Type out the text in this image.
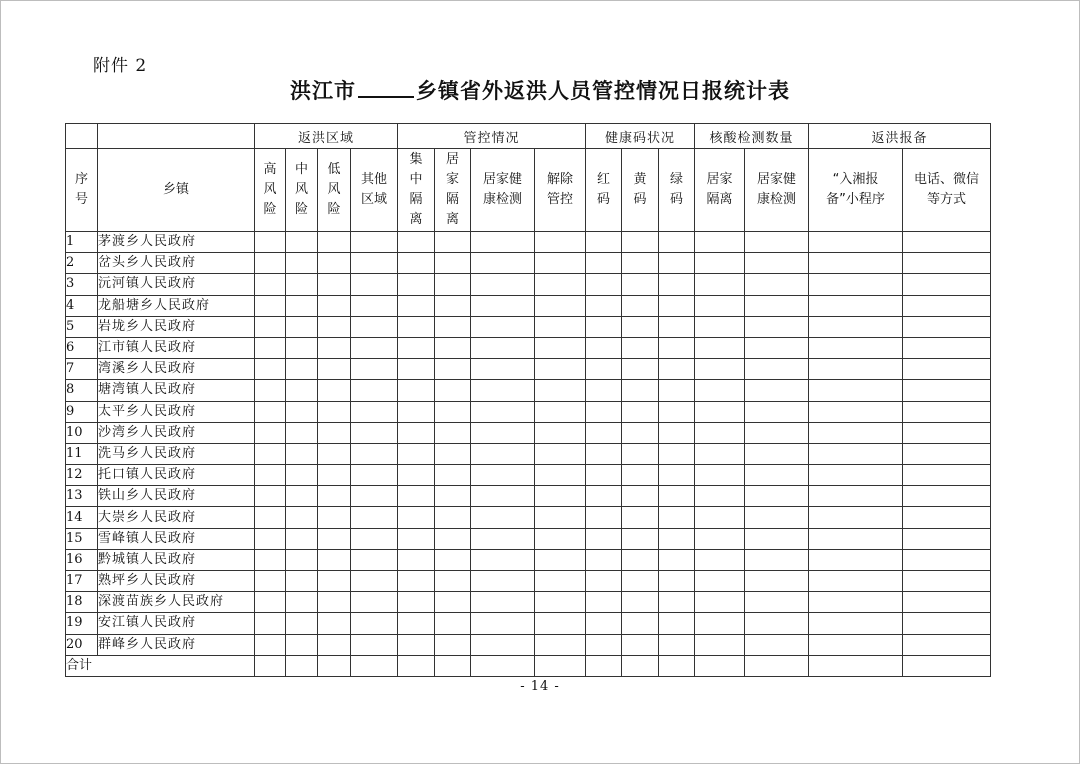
附件 2
洪江市	乡镇省外返洪人员管控情况日报统计表
		返洪区域				管控情况				健康码状况			核酸检测数量		返洪报备	
序
号	乡镇	高
风
险	中
风
险	低
风
险	其他
区域	集
中
隔
离	居
家
隔
离	居家健
康检测	解除
管控	红
码	黄
码	绿
码	居家
隔离	居家健
康检测	“入湘报
备”小程序	电话、微信
等方式
1	茅渡乡人民政府															
2	岔头乡人民政府															
3	沅河镇人民政府															
4	龙船塘乡人民政府															
5	岩垅乡人民政府															
6	江市镇人民政府															
7	湾溪乡人民政府															
8	塘湾镇人民政府															
9	太平乡人民政府															
10	沙湾乡人民政府															
11	洗马乡人民政府															
12	托口镇人民政府															
13	铁山乡人民政府															
14	大崇乡人民政府															
15	雪峰镇人民政府															
16	黔城镇人民政府															
17	熟坪乡人民政府															
18	深渡苗族乡人民政府															
19	安江镇人民政府															
20	群峰乡人民政府															
合计																
- 14 -
